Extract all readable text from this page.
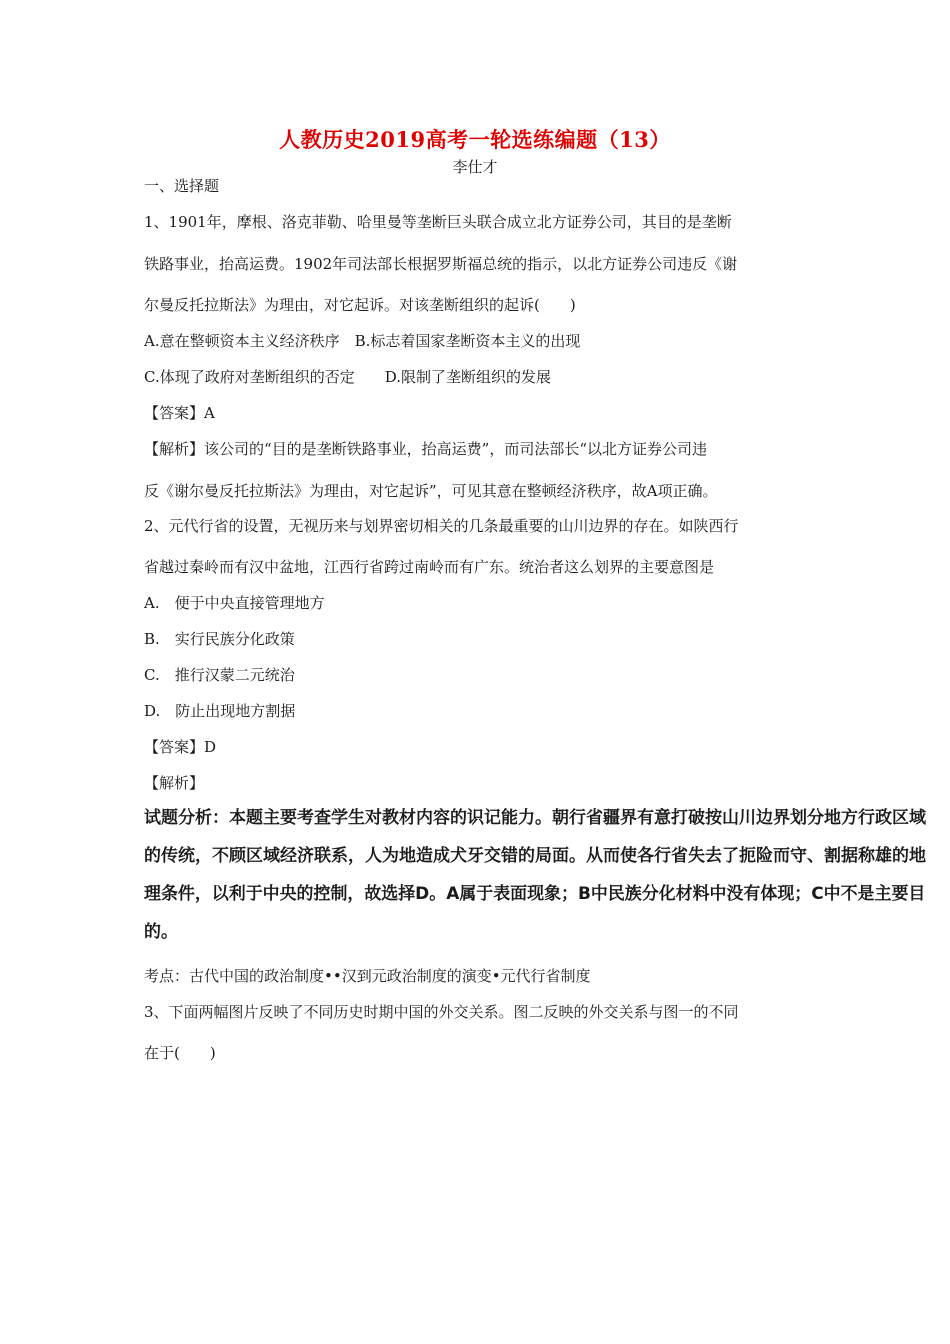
人教历史2019高考一轮选练编题（13）
李仕才
一、选择题
1、1901年，摩根、洛克菲勒、哈里曼等垄断巨头联合成立北方证券公司，其目的是垄断
铁路事业，抬高运费。1902年司法部长根据罗斯福总统的指示，以北方证券公司违反《谢
尔曼反托拉斯法》为理由，对它起诉。对该垄断组织的起诉(　　)
A.意在整顿资本主义经济秩序　B.标志着国家垄断资本主义的出现
C.体现了政府对垄断组织的否定　　D.限制了垄断组织的发展
【答案】A
【解析】该公司的“目的是垄断铁路事业，抬高运费”，而司法部长“以北方证券公司违
反《谢尔曼反托拉斯法》为理由，对它起诉”，可见其意在整顿经济秩序，故A项正确。
2、元代行省的设置，无视历来与划界密切相关的几条最重要的山川边界的存在。如陕西行
省越过秦岭而有汉中盆地，江西行省跨过南岭而有广东。统治者这么划界的主要意图是
A.　便于中央直接管理地方
B.　实行民族分化政策
C.　推行汉蒙二元统治
D.　防止出现地方割据
【答案】D
【解析】
试题分析：本题主要考查学生对教材内容的识记能力。朝行省疆界有意打破按山川边界划分地方行政区域
的传统，不顾区域经济联系，人为地造成犬牙交错的局面。从而使各行省失去了扼险而守、割据称雄的地
理条件，以利于中央的控制，故选择D。A属于表面现象；B中民族分化材料中没有体现；C中不是主要目
的。
考点：古代中国的政治制度••汉到元政治制度的演变•元代行省制度
3、下面两幅图片反映了不同历史时期中国的外交关系。图二反映的外交关系与图一的不同
在于(　　)
